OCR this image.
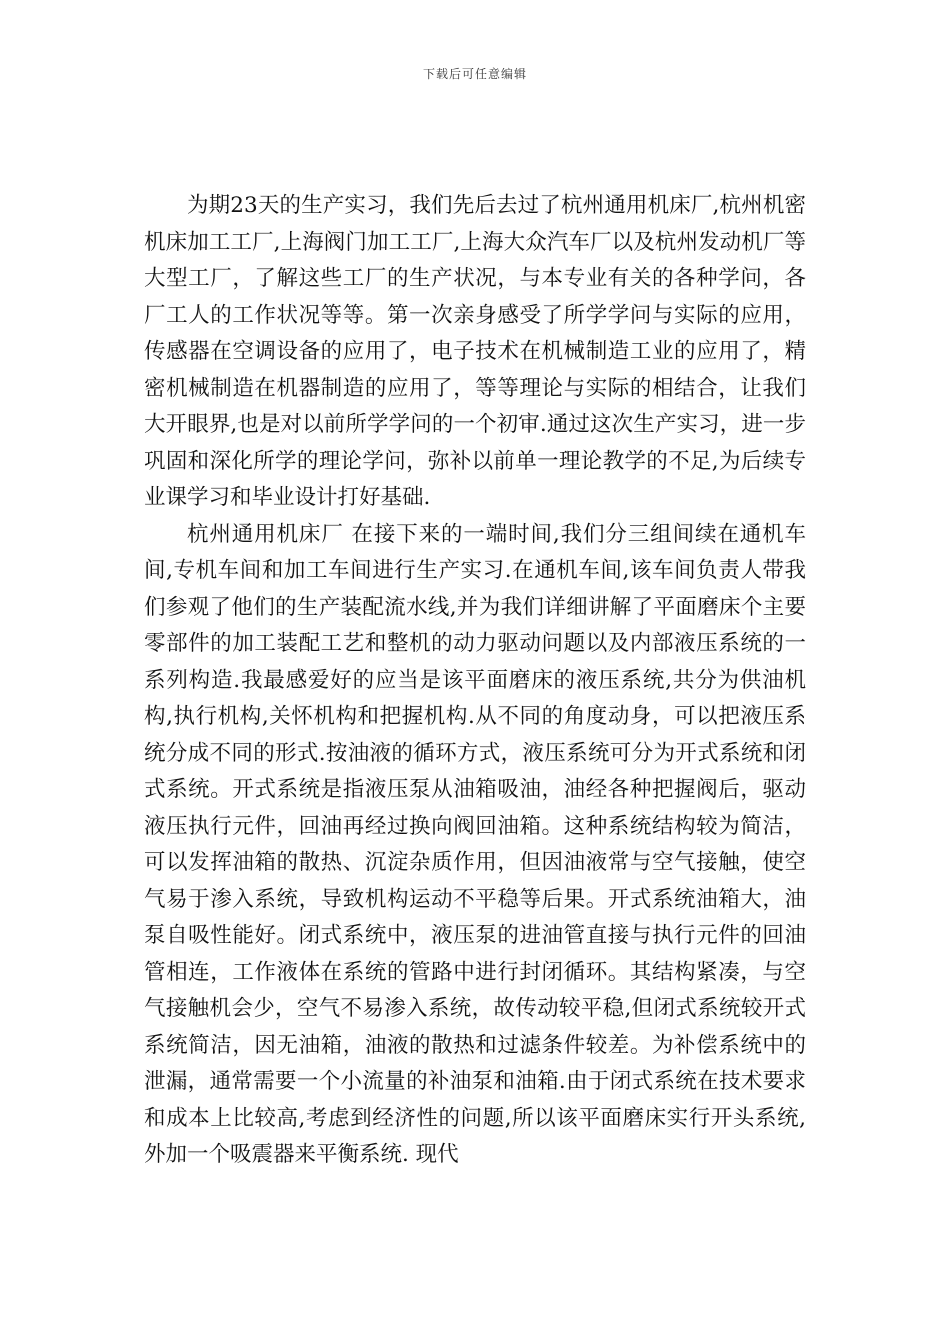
下载后可任意编辑

为期23天的生产实习，我们先后去过了杭州通用机床厂,杭州机密机床加工工厂,上海阀门加工工厂,上海大众汽车厂以及杭州发动机厂等大型工厂，了解这些工厂的生产状况，与本专业有关的各种学问，各厂工人的工作状况等等。第一次亲身感受了所学学问与实际的应用，传感器在空调设备的应用了，电子技术在机械制造工业的应用了，精密机械制造在机器制造的应用了，等等理论与实际的相结合，让我们大开眼界,也是对以前所学学问的一个初审.通过这次生产实习，进一步巩固和深化所学的理论学问，弥补以前单一理论教学的不足,为后续专业课学习和毕业设计打好基础.

杭州通用机床厂 在接下来的一端时间,我们分三组间续在通机车间,专机车间和加工车间进行生产实习.在通机车间,该车间负责人带我们参观了他们的生产装配流水线,并为我们详细讲解了平面磨床个主要零部件的加工装配工艺和整机的动力驱动问题以及内部液压系统的一系列构造.我最感爱好的应当是该平面磨床的液压系统,共分为供油机构,执行机构,关怀机构和把握机构.从不同的角度动身，可以把液压系统分成不同的形式.按油液的循环方式，液压系统可分为开式系统和闭式系统。开式系统是指液压泵从油箱吸油，油经各种把握阀后，驱动液压执行元件，回油再经过换向阀回油箱。这种系统结构较为简洁，可以发挥油箱的散热、沉淀杂质作用，但因油液常与空气接触，使空气易于渗入系统，导致机构运动不平稳等后果。开式系统油箱大，油泵自吸性能好。闭式系统中，液压泵的进油管直接与执行元件的回油管相连，工作液体在系统的管路中进行封闭循环。其结构紧凑，与空气接触机会少，空气不易渗入系统，故传动较平稳,但闭式系统较开式系统简洁，因无油箱，油液的散热和过滤条件较差。为补偿系统中的泄漏，通常需要一个小流量的补油泵和油箱.由于闭式系统在技术要求和成本上比较高,考虑到经济性的问题,所以该平面磨床实行开头系统,外加一个吸震器来平衡系统. 现代
